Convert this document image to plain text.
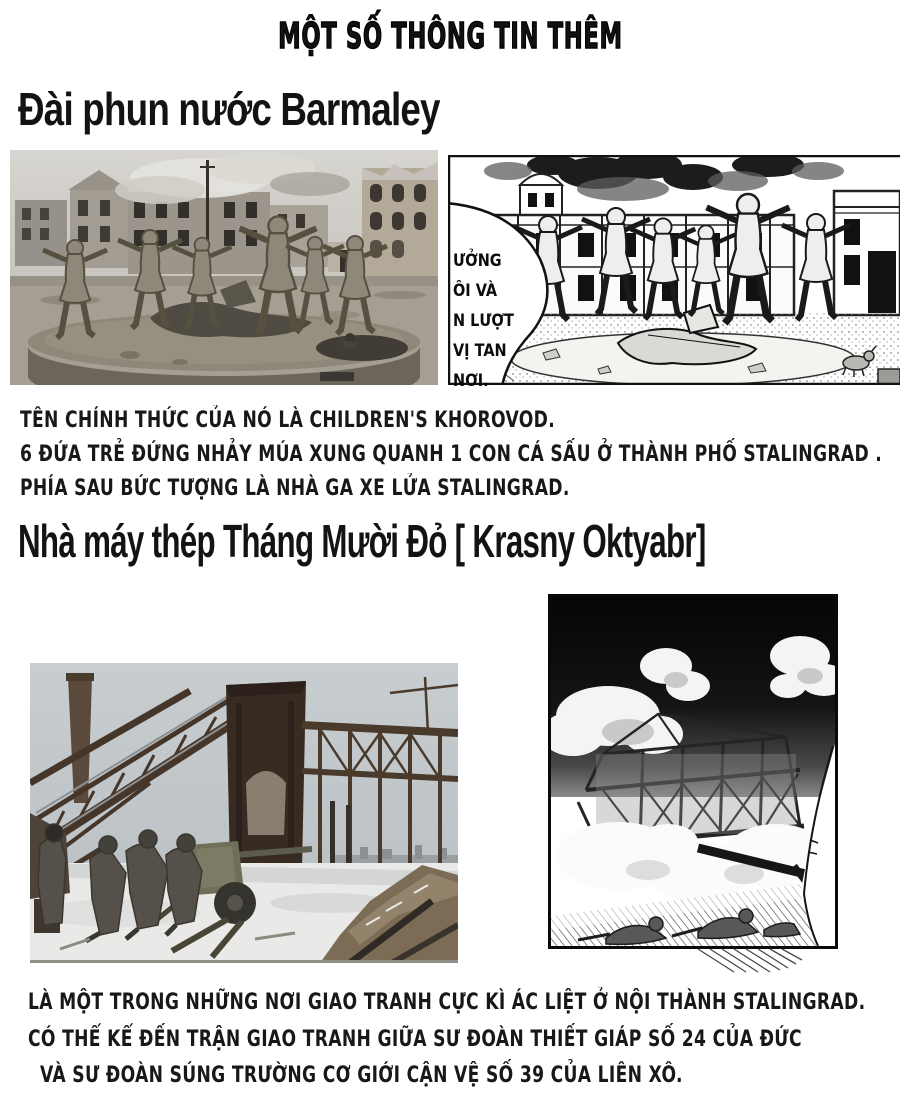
MỘT SỐ THÔNG TIN THÊM
Đài phun nước Barmaley
ƯỞNG
ÔI VÀ
N LƯỢT
VỊ TAN
NƠI.
TÊN CHÍNH THỨC CỦA NÓ LÀ CHILDREN'S KHOROVOD.
6 ĐỨA TRẺ ĐỨNG NHẢY MÚA XUNG QUANH 1 CON CÁ SẤU Ở THÀNH PHỐ STALINGRAD .
PHÍA SAU BỨC TƯỢNG LÀ NHÀ GA XE LỬA STALINGRAD.
Nhà máy thép Tháng Mười Đỏ [ Krasny Oktyabr]
LÀ MỘT TRONG NHỮNG NƠI GIAO TRANH CỰC KÌ ÁC LIỆT Ở NỘI THÀNH STALINGRAD.
CÓ THỂ KỂ ĐẾN TRẬN GIAO TRANH GIỮA SƯ ĐOÀN THIẾT GIÁP SỐ 24 CỦA ĐỨC
VÀ SƯ ĐOÀN SÚNG TRƯỜNG CƠ GIỚI CẬN VỆ SỐ 39 CỦA LIÊN XÔ.
